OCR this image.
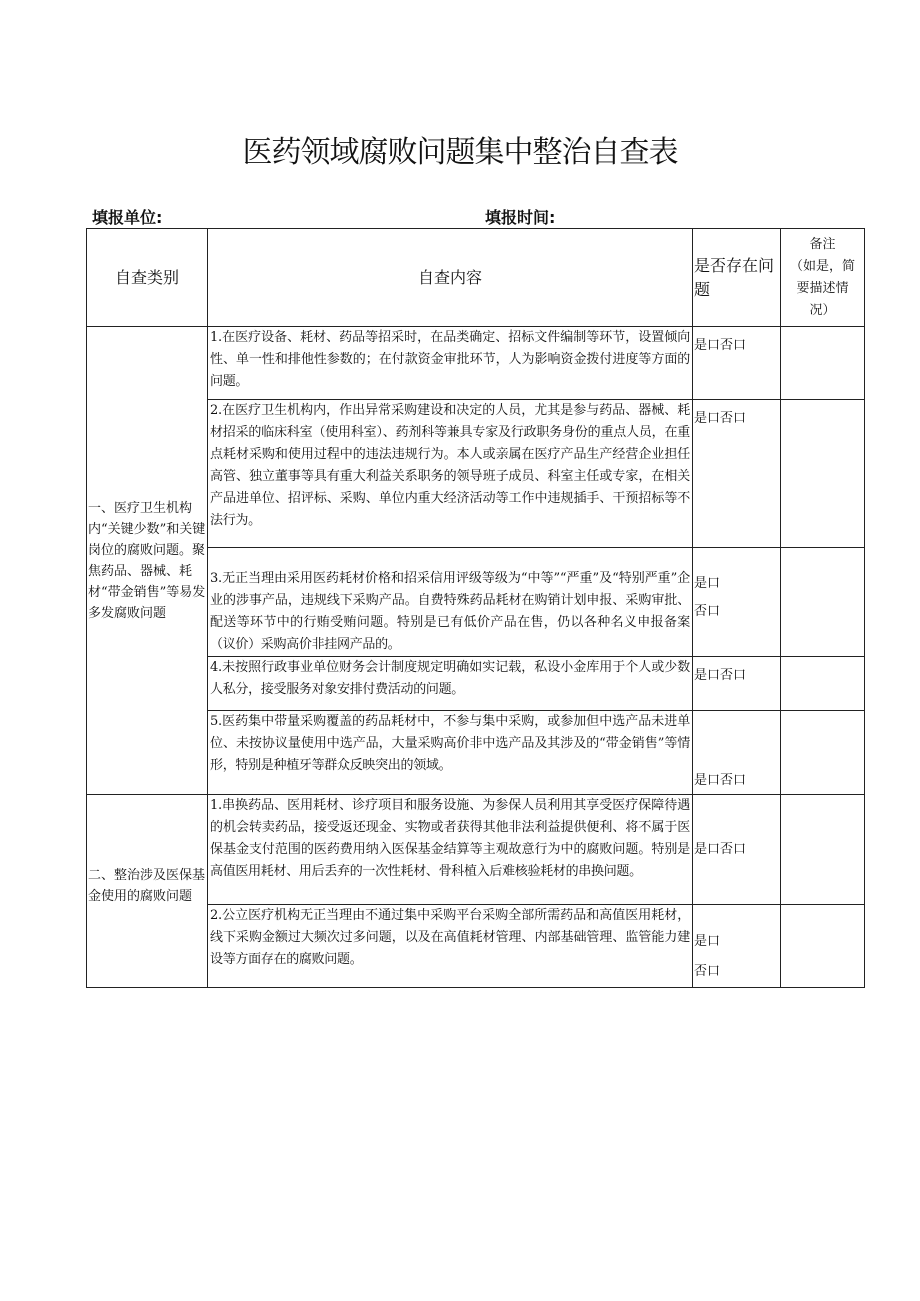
医药领域腐败问题集中整治自查表
填报单位:	填报时间:
自查类别	自查内容	是否存在问题	备注
（如是，简
要描述情
况）

一、医疗卫生机构内“关键少数”和关键岗位的腐败问题。聚焦药品、器械、耗材“带金销售”等易发多发腐败问题	1.在医疗设备、耗材、药品等招采时，在品类确定、招标文件编制等环节，设置倾向性、单一性和排他性参数的；在付款资金审批环节，人为影响资金拨付进度等方面的问题。	是口否口	
	2.在医疗卫生机构内，作出异常采购建设和决定的人员，尤其是参与药品、器械、耗材招采的临床科室（使用科室）、药剂科等兼具专家及行政职务身份的重点人员，在重点耗材采购和使用过程中的违法违规行为。本人或亲属在医疗产品生产经营企业担任高管、独立董事等具有重大利益关系职务的领导班子成员、科室主任或专家，在相关产品进单位、招评标、采购、单位内重大经济活动等工作中违规插手、干预招标等不法行为。	是口否口	
	3.无正当理由采用医药耗材价格和招采信用评级等级为“中等”“严重”及“特别严重”企业的涉事产品，违规线下采购产品。自费特殊药品耗材在购销计划申报、采购审批、配送等环节中的行贿受贿问题。特别是已有低价产品在售，仍以各种名义申报备案（议价）采购高价非挂网产品的。	是口
否口	

	4.未按照行政事业单位财务会计制度规定明确如实记载，私设小金库用于个人或少数人私分，接受服务对象安排付费活动的问题。	是口否口	
	5.医药集中带量采购覆盖的药品耗材中，不参与集中采购，或参加但中选产品未进单位、未按协议量使用中选产品，大量采购高价非中选产品及其涉及的“带金销售”等情形，特别是种植牙等群众反映突出的领域。	是口否口	
二、整治涉及医保基金使用的腐败问题	1.串换药品、医用耗材、诊疗项目和服务设施、为参保人员利用其享受医疗保障待遇的机会转卖药品，接受返还现金、实物或者获得其他非法利益提供便利、将不属于医保基金支付范围的医药费用纳入医保基金结算等主观故意行为中的腐败问题。特别是高值医用耗材、用后丢弃的一次性耗材、骨科植入后难核验耗材的串换问题。	是口否口	
	2.公立医疗机构无正当理由不通过集中采购平台采购全部所需药品和高值医用耗材，线下采购金额过大频次过多问题，以及在高值耗材管理、内部基础管理、监管能力建设等方面存在的腐败问题。	是口
否口	
